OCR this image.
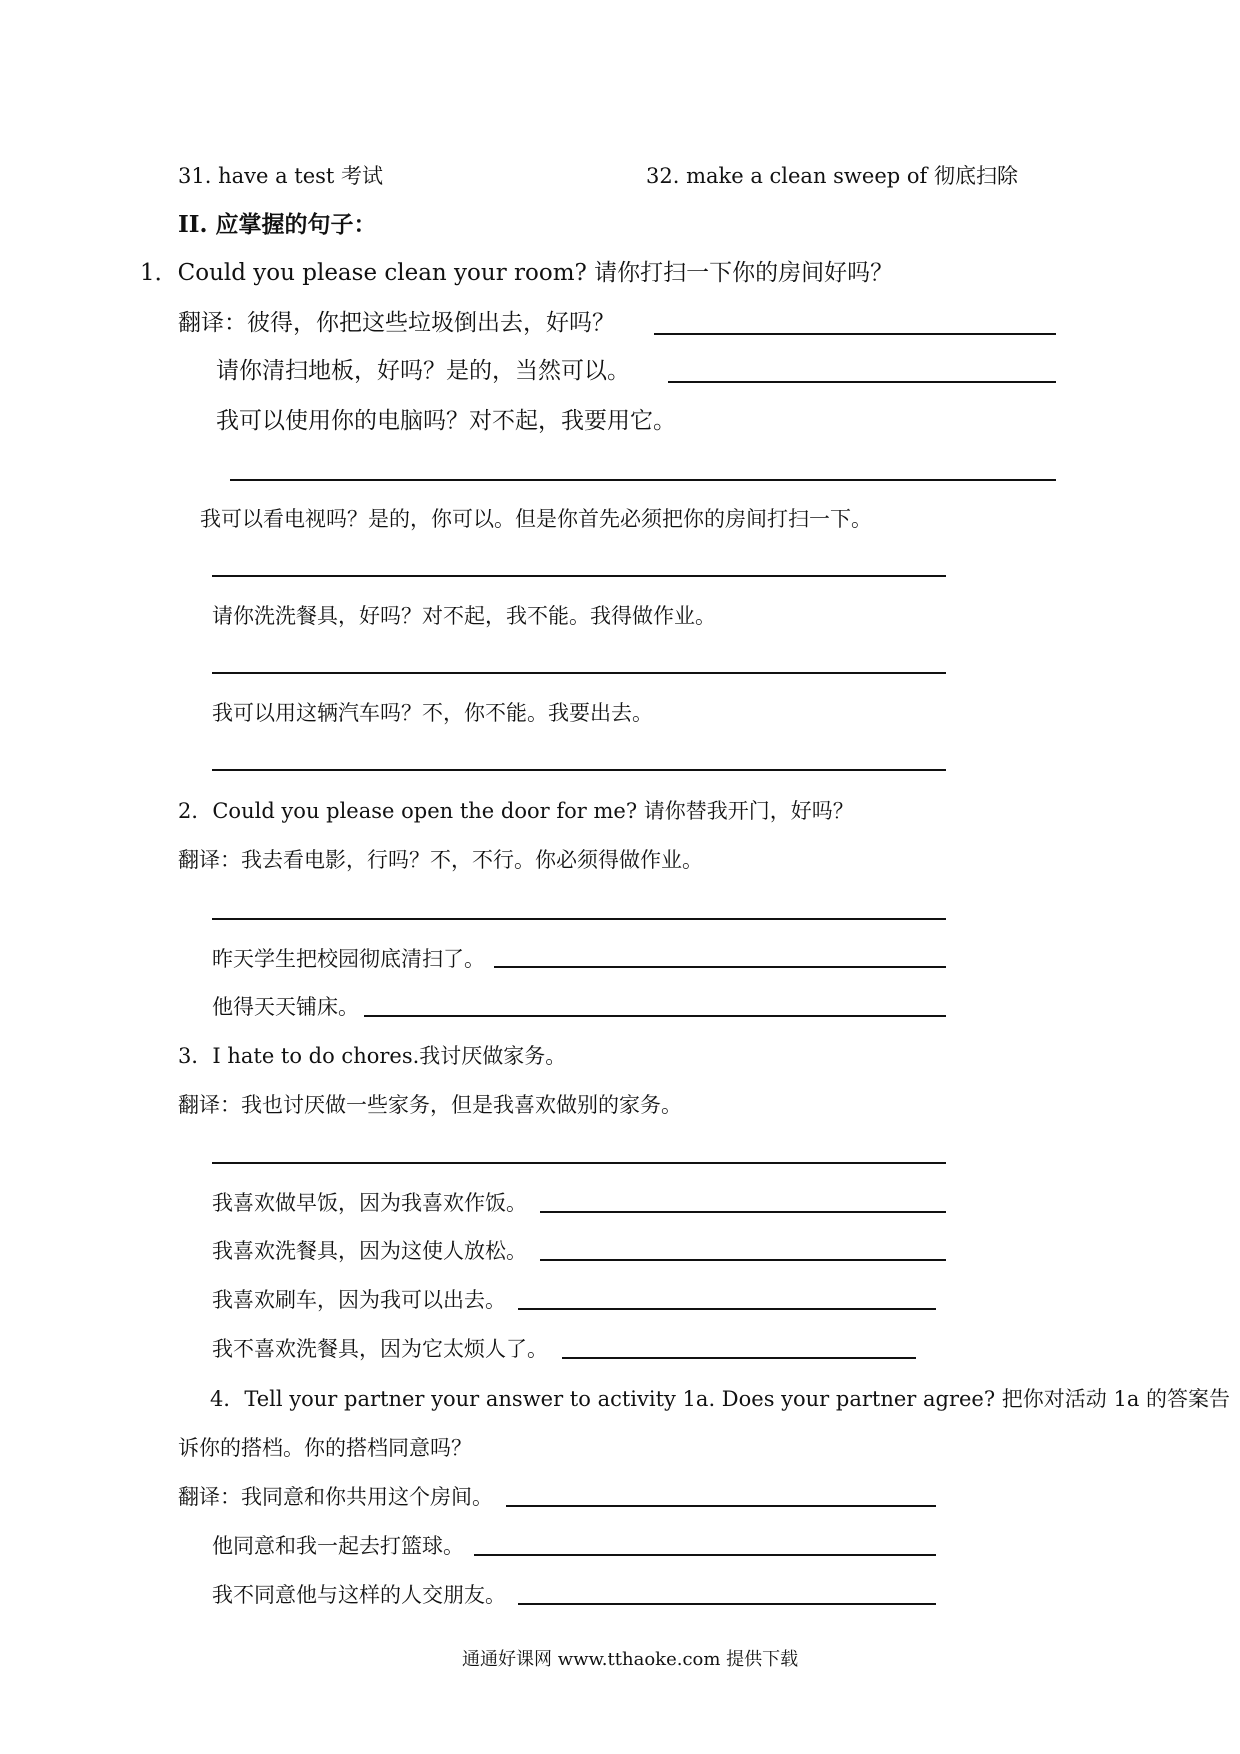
31. have a test 考试	32. make a clean sweep of 彻底扫除
II. 应掌握的句子：
1．Could you please clean your room? 请你打扫一下你的房间好吗？
翻译：彼得，你把这些垃圾倒出去，好吗？
请你清扫地板，好吗？是的，当然可以。
我可以使用你的电脑吗？对不起，我要用它。
我可以看电视吗？是的，你可以。但是你首先必须把你的房间打扫一下。
请你洗洗餐具，好吗？对不起，我不能。我得做作业。
我可以用这辆汽车吗？不，你不能。我要出去。
2．Could you please open the door for me? 请你替我开门，好吗？
翻译：我去看电影，行吗？不，不行。你必须得做作业。
昨天学生把校园彻底清扫了。
他得天天铺床。
3．I hate to do chores.我讨厌做家务。
翻译：我也讨厌做一些家务，但是我喜欢做别的家务。
我喜欢做早饭，因为我喜欢作饭。
我喜欢洗餐具，因为这使人放松。
我喜欢刷车，因为我可以出去。
我不喜欢洗餐具，因为它太烦人了。
4．Tell your partner your answer to activity 1a. Does your partner agree? 把你对活动 1a 的答案告
诉你的搭档。你的搭档同意吗？
翻译：我同意和你共用这个房间。
他同意和我一起去打篮球。
我不同意他与这样的人交朋友。
通通好课网 www.tthaoke.com 提供下载
